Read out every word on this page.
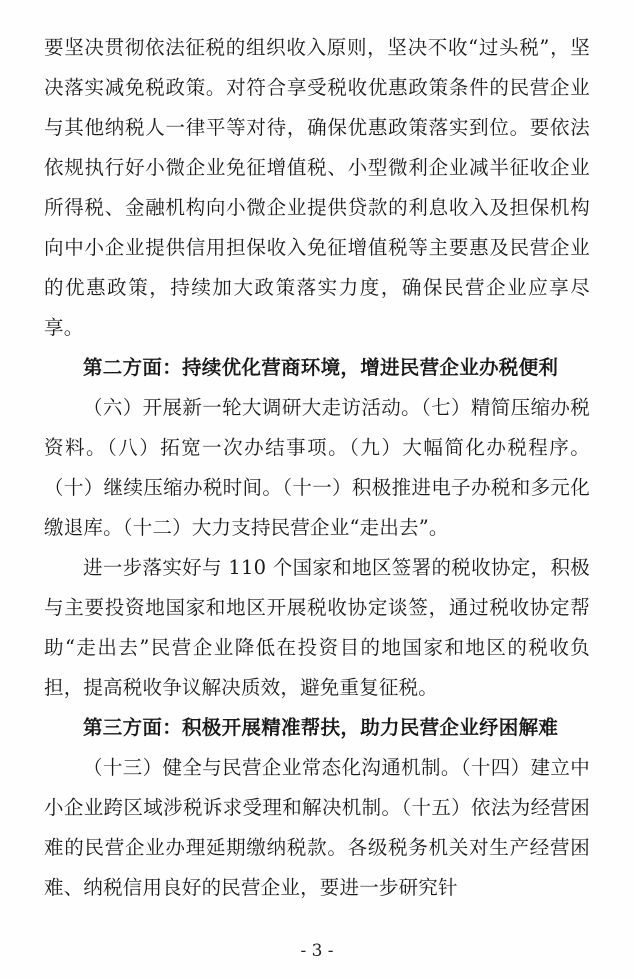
要坚决贯彻依法征税的组织收入原则，坚决不收“过头税”，坚决落实减免税政策。对符合享受税收优惠政策条件的民营企业与其他纳税人一律平等对待，确保优惠政策落实到位。要依法依规执行好小微企业免征增值税、小型微利企业减半征收企业所得税、金融机构向小微企业提供贷款的利息收入及担保机构向中小企业提供信用担保收入免征增值税等主要惠及民营企业的优惠政策，持续加大政策落实力度，确保民营企业应享尽享。

第二方面：持续优化营商环境，增进民营企业办税便利

（六）开展新一轮大调研大走访活动。（七）精简压缩办税资料。（八）拓宽一次办结事项。（九）大幅简化办税程序。（十）继续压缩办税时间。（十一）积极推进电子办税和多元化缴退库。（十二）大力支持民营企业“走出去”。

进一步落实好与 110 个国家和地区签署的税收协定，积极与主要投资地国家和地区开展税收协定谈签，通过税收协定帮助“走出去”民营企业降低在投资目的地国家和地区的税收负担，提高税收争议解决质效，避免重复征税。

第三方面：积极开展精准帮扶，助力民营企业纾困解难

（十三）健全与民营企业常态化沟通机制。（十四）建立中小企业跨区域涉税诉求受理和解决机制。（十五）依法为经营困难的民营企业办理延期缴纳税款。各级税务机关对生产经营困难、纳税信用良好的民营企业，要进一步研究针

- 3 -
